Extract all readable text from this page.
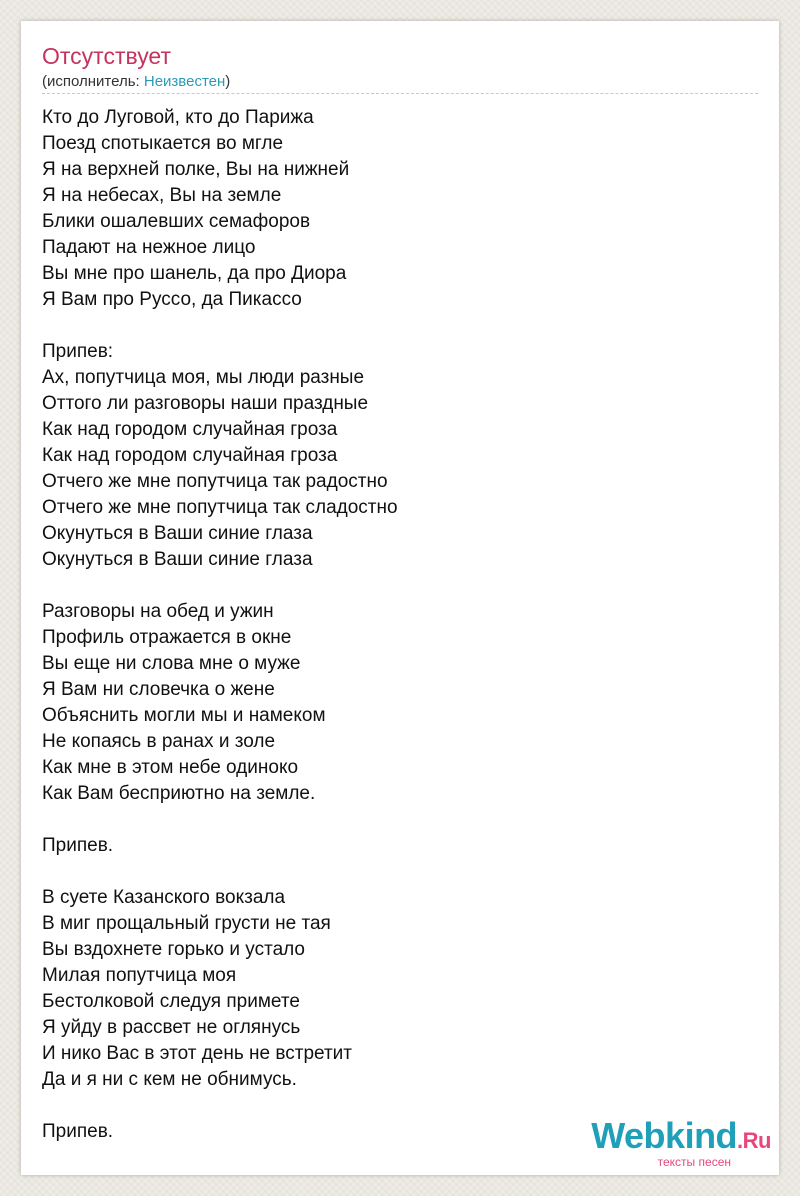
Отсутствует
(исполнитель: Неизвестен)
Кто до Луговой, кто до Парижа
Поезд спотыкается во мгле
Я на верхней полке, Вы на нижней
Я на небесах, Вы на земле
Блики ошалевших семафоров
Падают на нежное лицо
Вы мне про шанель, да про Диора
Я Вам про Руссо, да Пикассо
Припев:
Ах, попутчица моя, мы люди разные
Оттого ли разговоры наши праздные
Как над городом случайная гроза
Как над городом случайная гроза
Отчего же мне попутчица так радостно
Отчего же мне попутчица так сладостно
Окунуться в Ваши синие глаза
Окунуться в Ваши синие глаза
Разговоры на обед и ужин
Профиль отражается в окне
Вы еще ни слова мне о муже
Я Вам ни словечка о жене
Объяснить могли мы и намеком
Не копаясь в ранах и золе
Как мне в этом небе одиноко
Как Вам бесприютно на земле.
Припев.
В суете Казанского вокзала
В миг прощальный грусти не тая
Вы вздохнете горько и устало
Милая попутчица моя
Бестолковой следуя примете
Я уйду в рассвет не оглянусь
И нико Вас в этот день не встретит
Да и я ни с кем не обнимусь.
Припев.	Webkind.Ru
тексты песен
